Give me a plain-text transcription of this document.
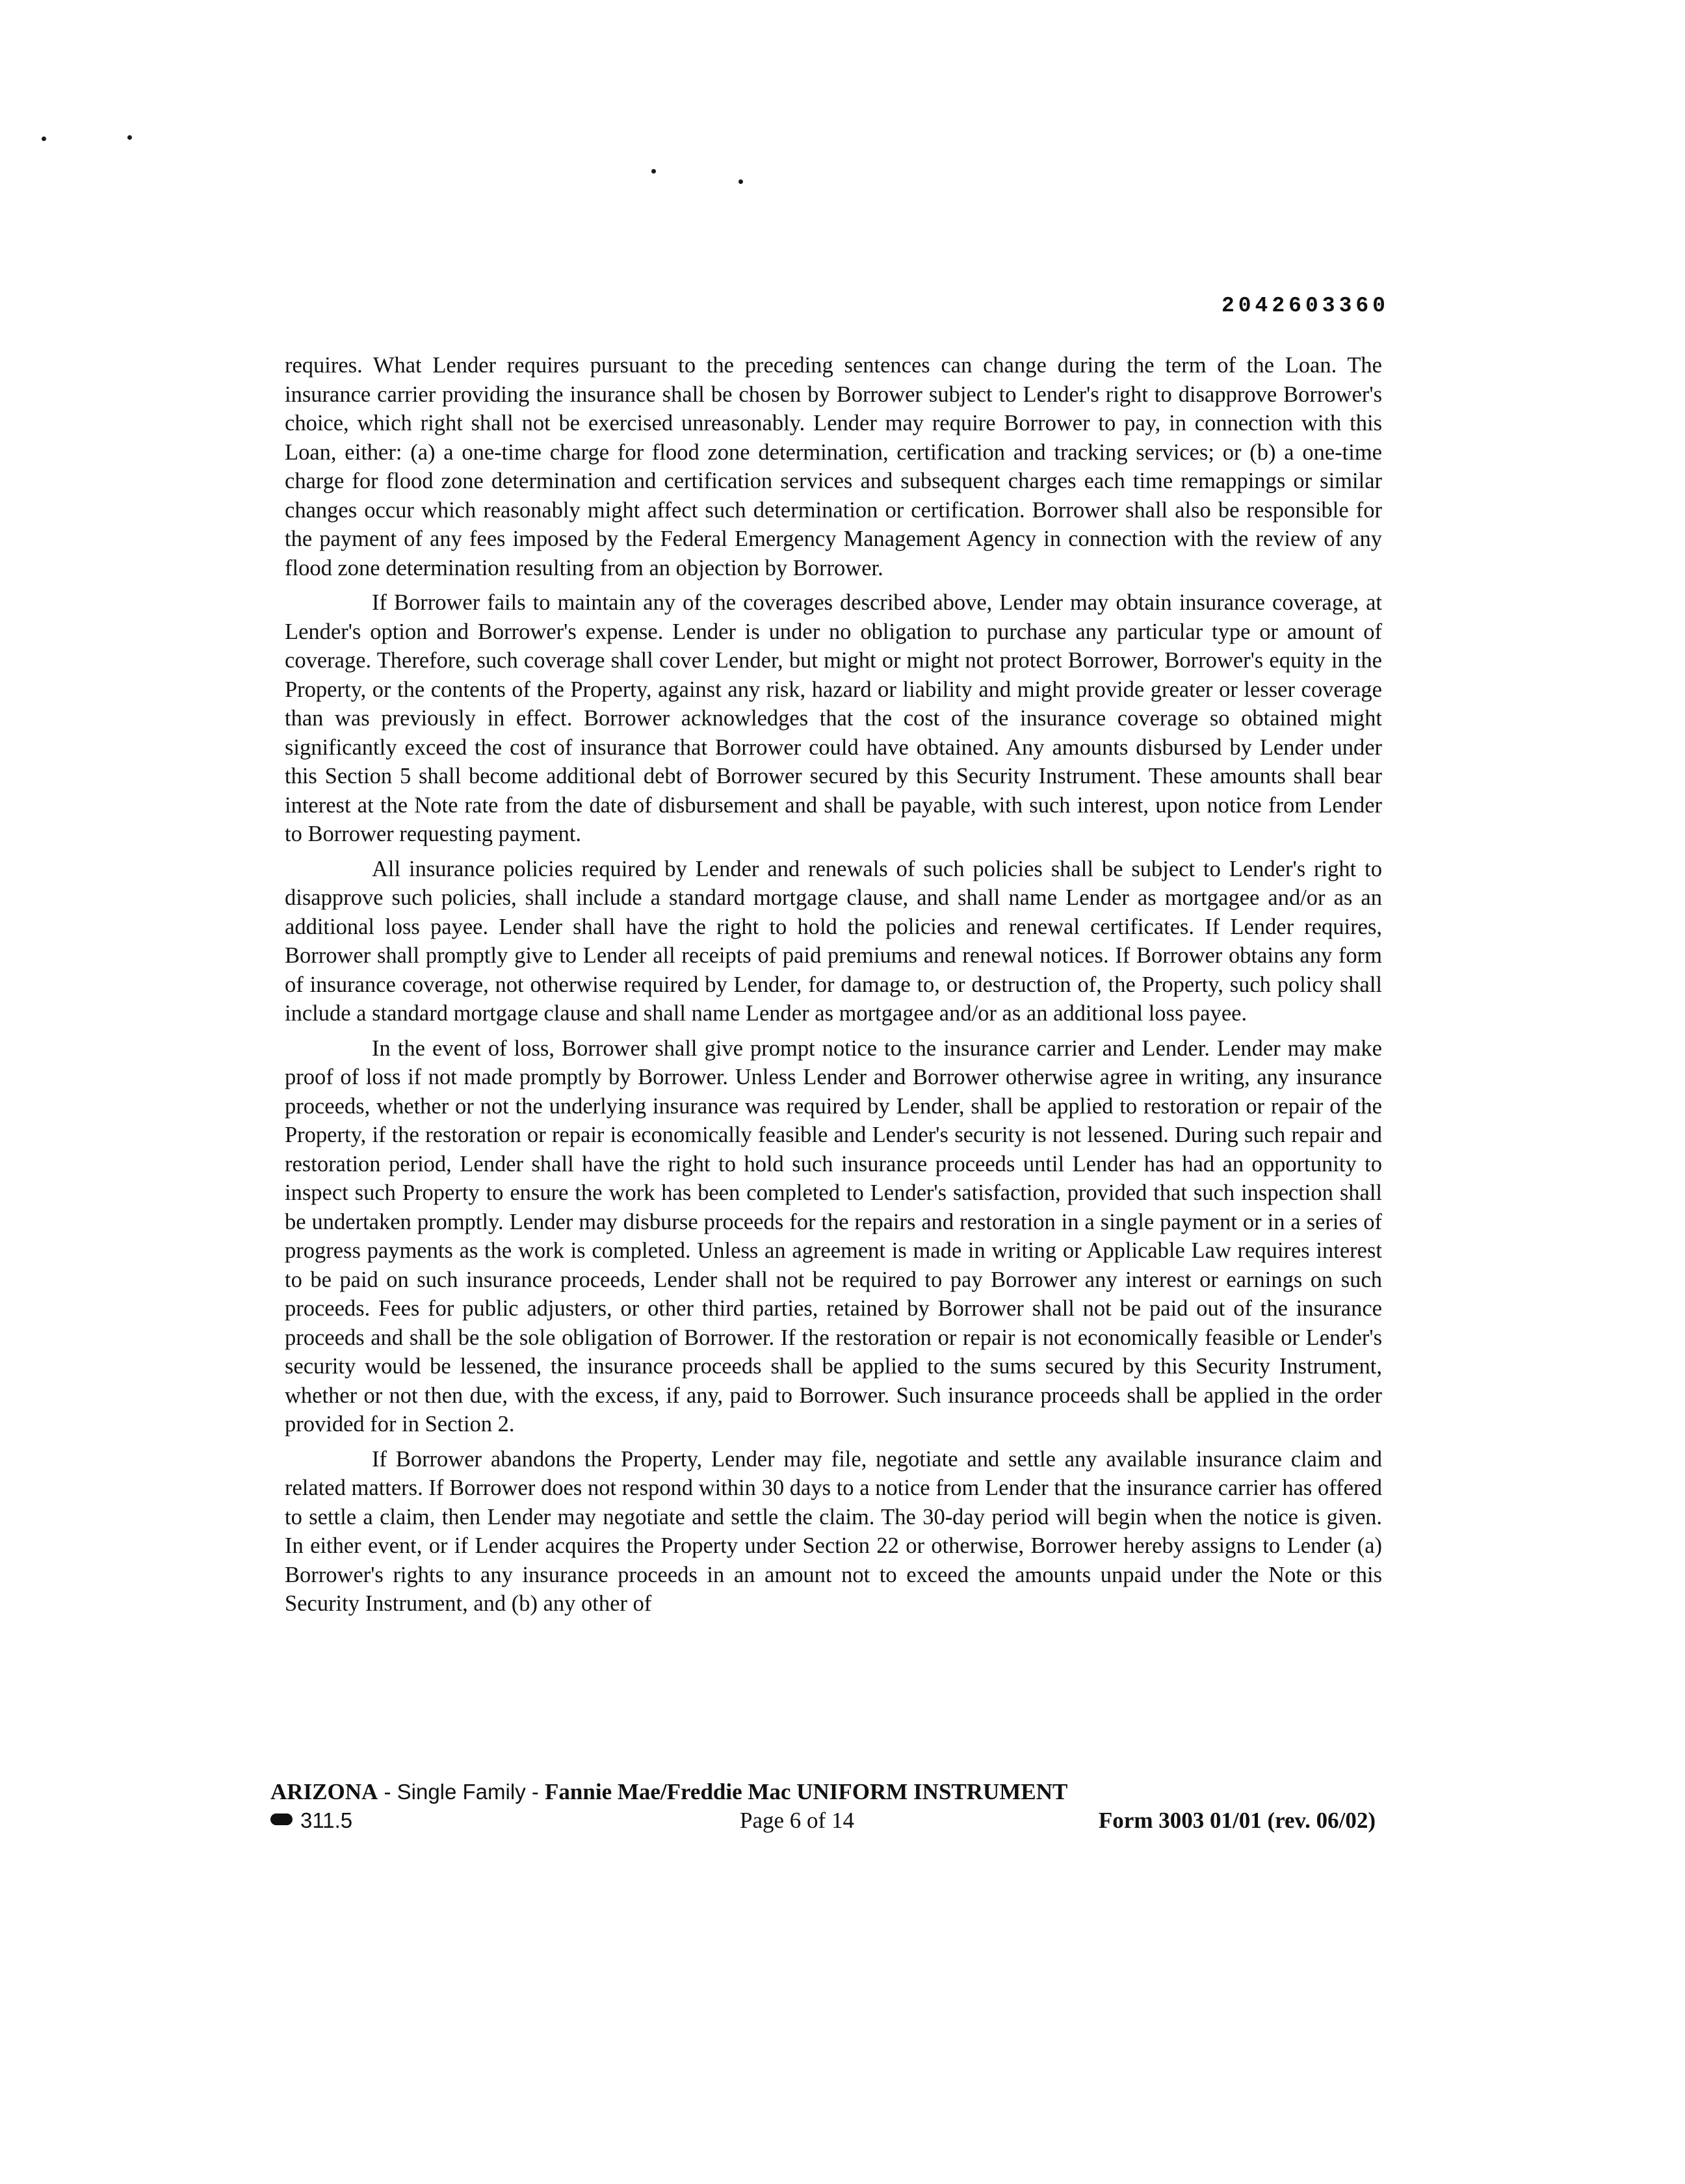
2042603360

requires. What Lender requires pursuant to the preceding sentences can change during the term of the Loan. The insurance carrier providing the insurance shall be chosen by Borrower subject to Lender's right to disapprove Borrower's choice, which right shall not be exercised unreasonably. Lender may require Borrower to pay, in connection with this Loan, either: (a) a one-time charge for flood zone determination, certification and tracking services; or (b) a one-time charge for flood zone determination and certification services and subsequent charges each time remappings or similar changes occur which reasonably might affect such determination or certification. Borrower shall also be responsible for the payment of any fees imposed by the Federal Emergency Management Agency in connection with the review of any flood zone determination resulting from an objection by Borrower.

If Borrower fails to maintain any of the coverages described above, Lender may obtain insurance coverage, at Lender's option and Borrower's expense. Lender is under no obligation to purchase any particular type or amount of coverage. Therefore, such coverage shall cover Lender, but might or might not protect Borrower, Borrower's equity in the Property, or the contents of the Property, against any risk, hazard or liability and might provide greater or lesser coverage than was previously in effect. Borrower acknowledges that the cost of the insurance coverage so obtained might significantly exceed the cost of insurance that Borrower could have obtained. Any amounts disbursed by Lender under this Section 5 shall become additional debt of Borrower secured by this Security Instrument. These amounts shall bear interest at the Note rate from the date of disbursement and shall be payable, with such interest, upon notice from Lender to Borrower requesting payment.

All insurance policies required by Lender and renewals of such policies shall be subject to Lender's right to disapprove such policies, shall include a standard mortgage clause, and shall name Lender as mortgagee and/or as an additional loss payee. Lender shall have the right to hold the policies and renewal certificates. If Lender requires, Borrower shall promptly give to Lender all receipts of paid premiums and renewal notices. If Borrower obtains any form of insurance coverage, not otherwise required by Lender, for damage to, or destruction of, the Property, such policy shall include a standard mortgage clause and shall name Lender as mortgagee and/or as an additional loss payee.

In the event of loss, Borrower shall give prompt notice to the insurance carrier and Lender. Lender may make proof of loss if not made promptly by Borrower. Unless Lender and Borrower otherwise agree in writing, any insurance proceeds, whether or not the underlying insurance was required by Lender, shall be applied to restoration or repair of the Property, if the restoration or repair is economically feasible and Lender's security is not lessened. During such repair and restoration period, Lender shall have the right to hold such insurance proceeds until Lender has had an opportunity to inspect such Property to ensure the work has been completed to Lender's satisfaction, provided that such inspection shall be undertaken promptly. Lender may disburse proceeds for the repairs and restoration in a single payment or in a series of progress payments as the work is completed. Unless an agreement is made in writing or Applicable Law requires interest to be paid on such insurance proceeds, Lender shall not be required to pay Borrower any interest or earnings on such proceeds. Fees for public adjusters, or other third parties, retained by Borrower shall not be paid out of the insurance proceeds and shall be the sole obligation of Borrower. If the restoration or repair is not economically feasible or Lender's security would be lessened, the insurance proceeds shall be applied to the sums secured by this Security Instrument, whether or not then due, with the excess, if any, paid to Borrower. Such insurance proceeds shall be applied in the order provided for in Section 2.

If Borrower abandons the Property, Lender may file, negotiate and settle any available insurance claim and related matters. If Borrower does not respond within 30 days to a notice from Lender that the insurance carrier has offered to settle a claim, then Lender may negotiate and settle the claim. The 30-day period will begin when the notice is given. In either event, or if Lender acquires the Property under Section 22 or otherwise, Borrower hereby assigns to Lender (a) Borrower's rights to any insurance proceeds in an amount not to exceed the amounts unpaid under the Note or this Security Instrument, and (b) any other of

ARIZONA - Single Family - Fannie Mae/Freddie Mac UNIFORM INSTRUMENT
311.5	Page 6 of 14	Form 3003 01/01 (rev. 06/02)
